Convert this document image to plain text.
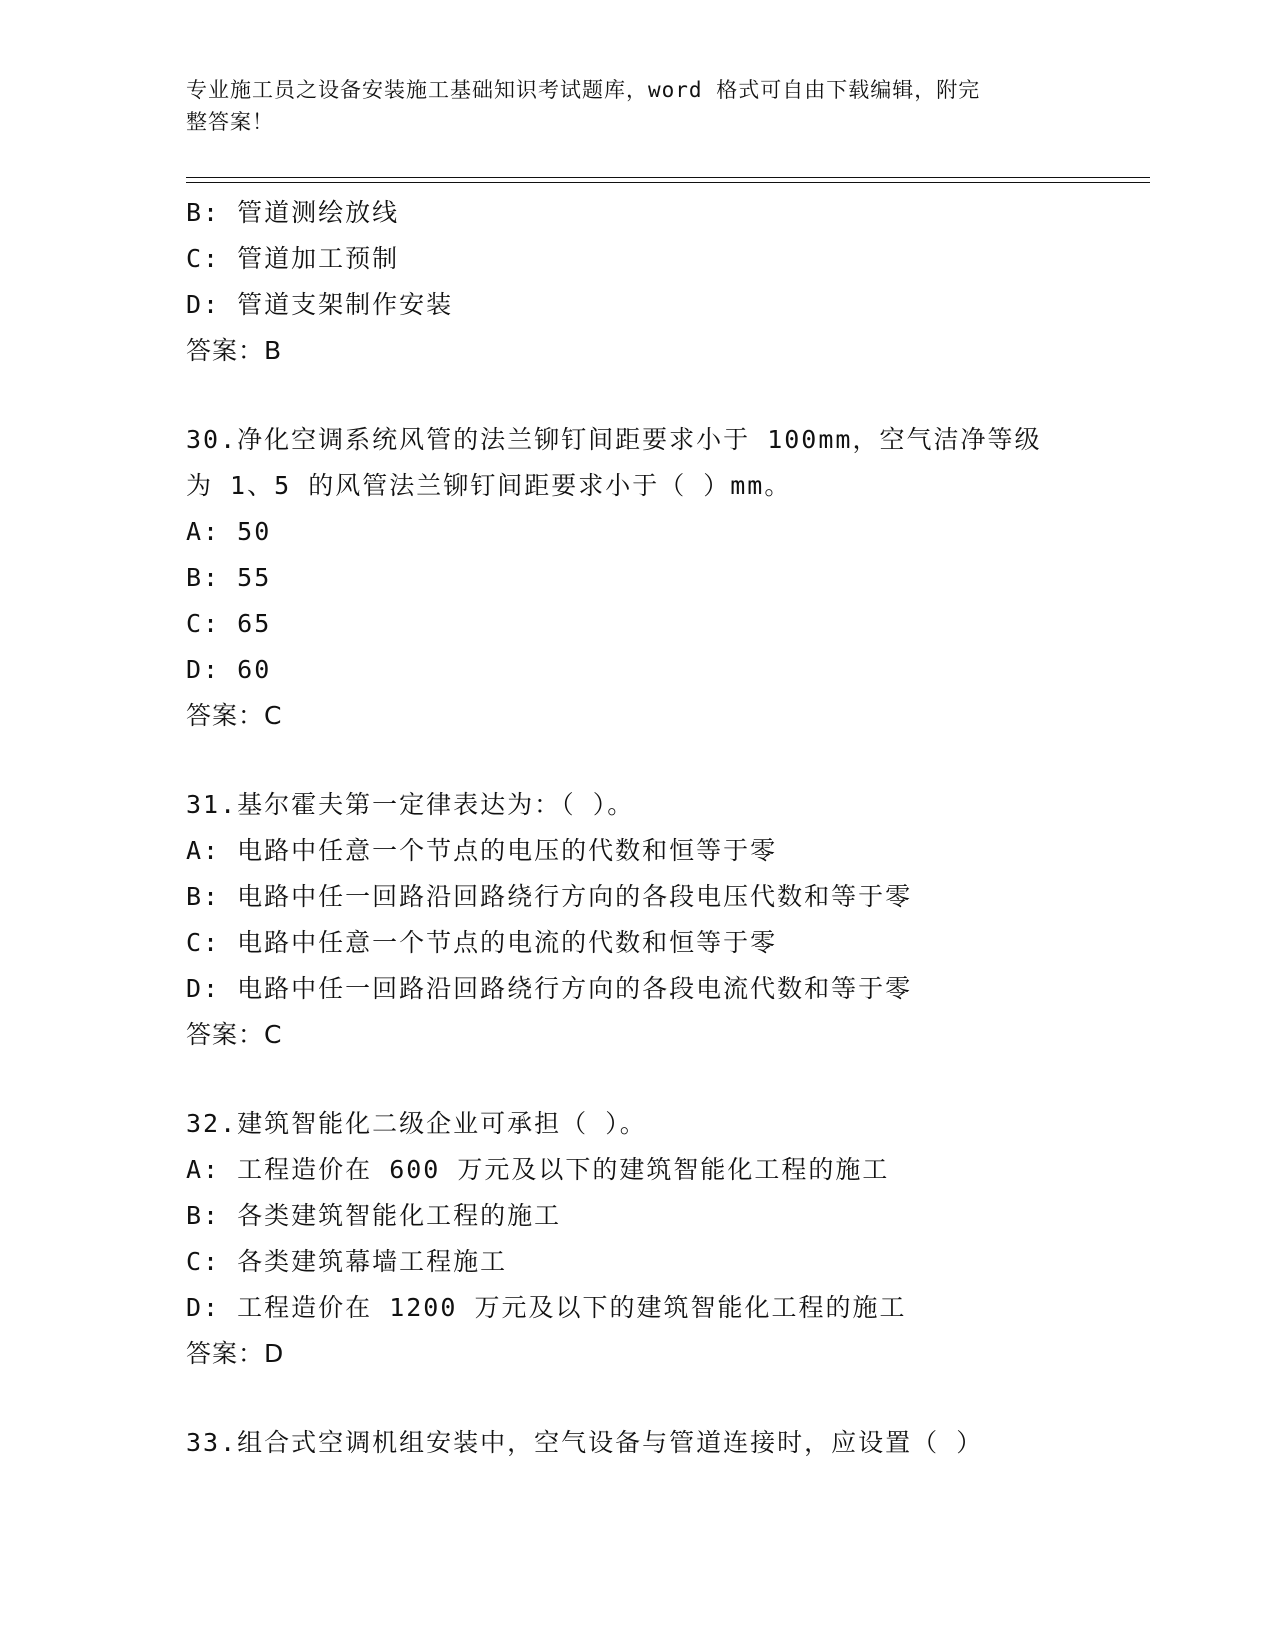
专业施工员之设备安装施工基础知识考试题库，word 格式可自由下载编辑，附完
整答案！
B: 管道测绘放线
C: 管道加工预制
D: 管道支架制作安装
答案：B
30.净化空调系统风管的法兰铆钉间距要求小于 100mm，空气洁净等级
为 1、5 的风管法兰铆钉间距要求小于（ ）mm。
A: 50
B: 55
C: 65
D: 60
答案：C
31.基尔霍夫第一定律表达为：（ ）。
A: 电路中任意一个节点的电压的代数和恒等于零
B: 电路中任一回路沿回路绕行方向的各段电压代数和等于零
C: 电路中任意一个节点的电流的代数和恒等于零
D: 电路中任一回路沿回路绕行方向的各段电流代数和等于零
答案：C
32.建筑智能化二级企业可承担（ ）。
A: 工程造价在 600 万元及以下的建筑智能化工程的施工
B: 各类建筑智能化工程的施工
C: 各类建筑幕墙工程施工
D: 工程造价在 1200 万元及以下的建筑智能化工程的施工
答案：D
33.组合式空调机组安装中，空气设备与管道连接时，应设置（ ）
